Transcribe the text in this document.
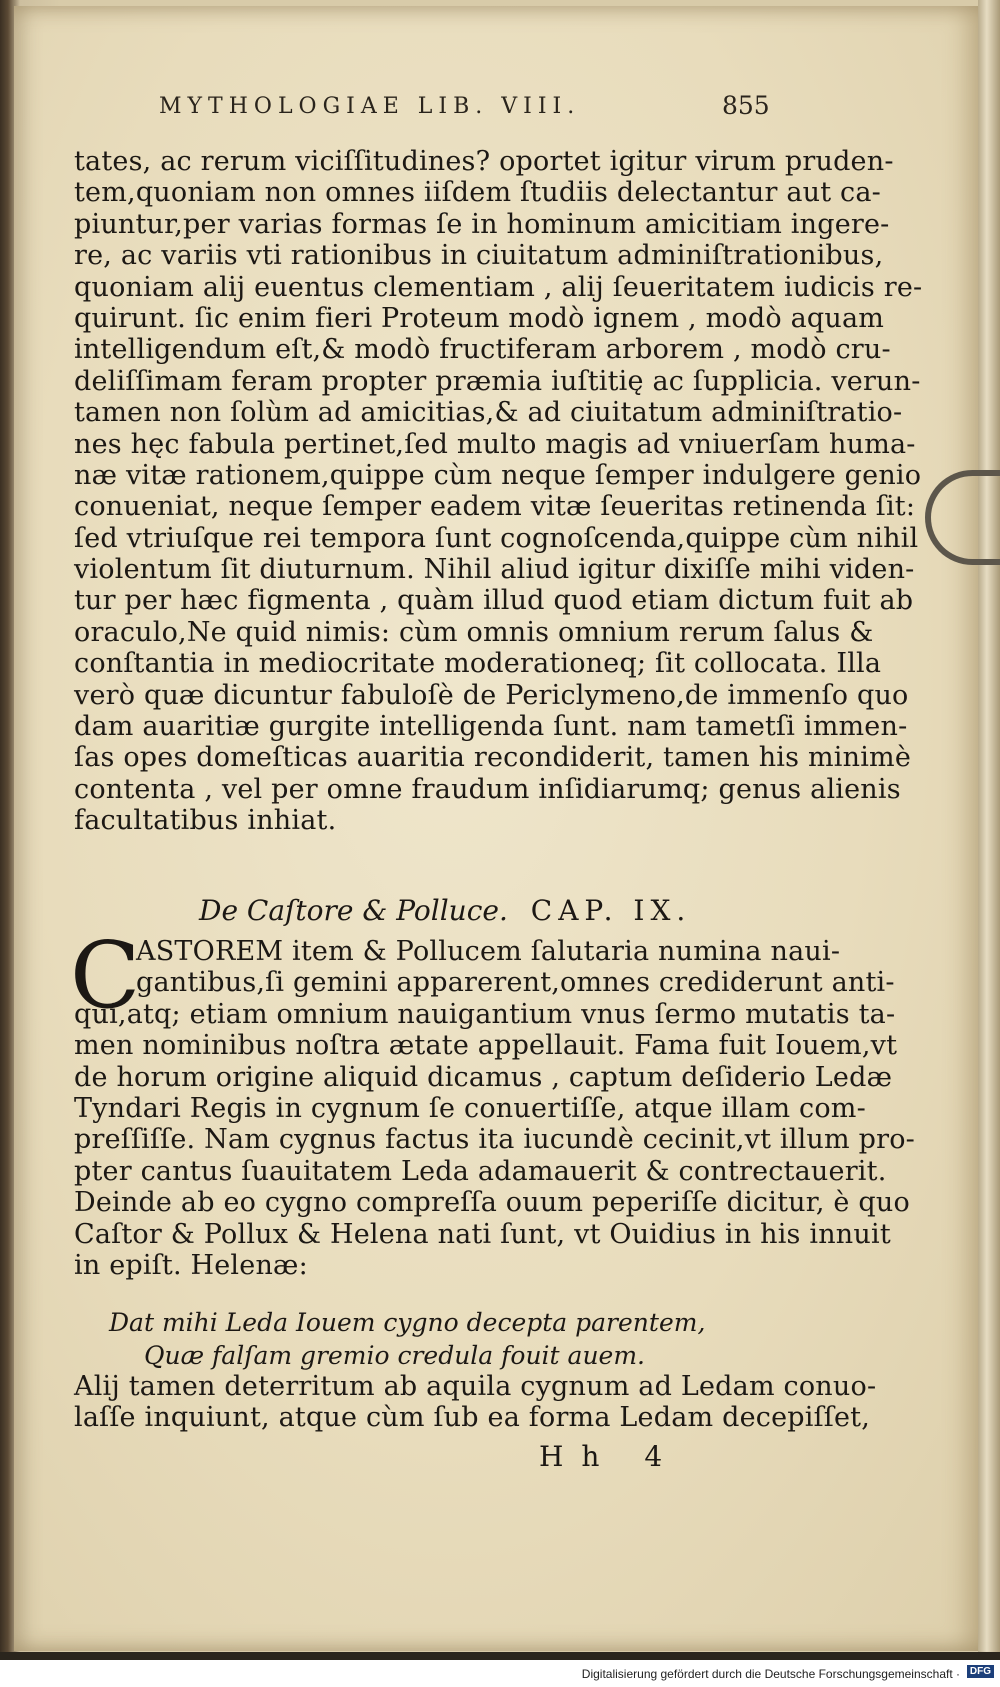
MYTHOLOGIAE LIB. VIII.	855
tates, ac rerum viciſſitudines? oportet igitur virum pruden-
tem,quoniam non omnes iiſdem ſtudiis delectantur aut ca-
piuntur,per varias formas ſe in hominum amicitiam ingere-
re, ac variis vti rationibus in ciuitatum adminiſtrationibus,
quoniam alij euentus clementiam , alij ſeueritatem iudicis re-
quirunt. ſic enim fieri Proteum modò ignem , modò aquam
intelligendum eſt,& modò fructiferam arborem , modò cru-
deliſſimam feram propter præmia iuſtitię ac ſupplicia. verun-
tamen non ſolùm ad amicitias,& ad ciuitatum adminiſtratio-
nes hęc fabula pertinet,ſed multo magis ad vniuerſam huma-
næ vitæ rationem,quippe cùm neque ſemper indulgere genio
conueniat, neque ſemper eadem vitæ ſeueritas retinenda ſit:
ſed vtriuſque rei tempora ſunt cognoſcenda,quippe cùm nihil
violentum ſit diuturnum. Nihil aliud igitur dixiſſe mihi viden-
tur per hæc figmenta , quàm illud quod etiam dictum fuit ab
oraculo,Ne quid nimis: cùm omnis omnium rerum ſalus &
conſtantia in mediocritate moderationeq; ſit collocata. Illa
verò quæ dicuntur fabuloſè de Periclymeno,de immenſo quo
dam auaritiæ gurgite intelligenda ſunt. nam tametſi immen-
ſas opes domeſticas auaritia recondiderit, tamen his minimè
contenta , vel per omne fraudum inſidiarumq; genus alienis
facultatibus inhiat.
De Caſtore & Polluce. CAP. IX.
C
ASTOREM item & Pollucem ſalutaria numina naui-
gantibus,ſi gemini apparerent,omnes crediderunt anti-
qui,atq; etiam omnium nauigantium vnus ſermo mutatis ta-
men nominibus noſtra ætate appellauit. Fama fuit Iouem,vt
de horum origine aliquid dicamus , captum deſiderio Ledæ
Tyndari Regis in cygnum ſe conuertiſſe, atque illam com-
preſſiſſe. Nam cygnus factus ita iucundè cecinit,vt illum pro-
pter cantus ſuauitatem Leda adamauerit & contrectauerit.
Deinde ab eo cygno compreſſa ouum peperiſſe dicitur, è quo
Caſtor & Pollux & Helena nati ſunt, vt Ouidius in his innuit
in epiſt. Helenæ:
Dat mihi Leda Iouem cygno decepta parentem,
Quæ falſam gremio credula fouit auem.
Alij tamen deterritum ab aquila cygnum ad Ledam conuo-
laſſe inquiunt, atque cùm ſub ea forma Ledam decepiſſet,
Hh 4
Digitalisierung gefördert durch die Deutsche Forschungsgemeinschaft · DFG
